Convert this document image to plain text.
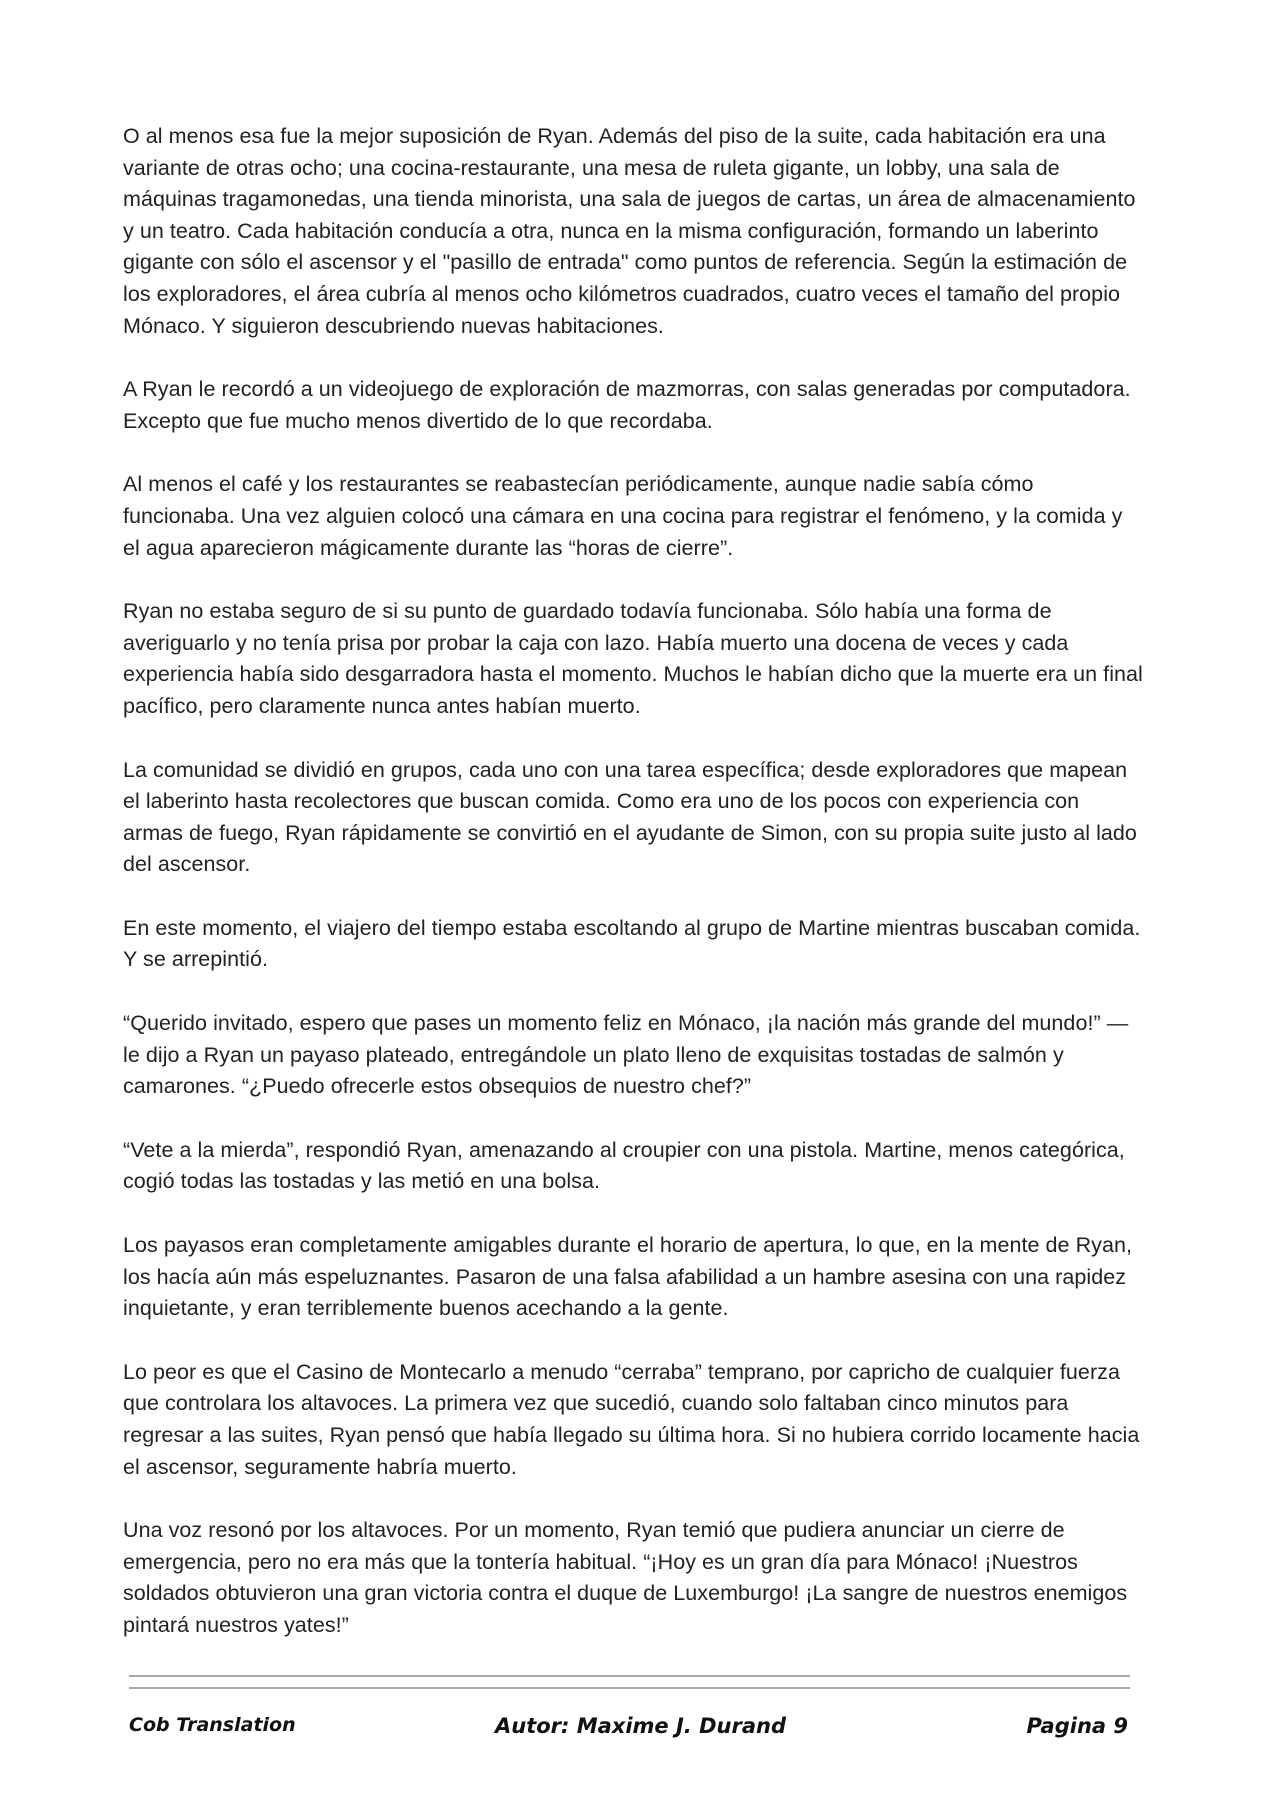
O al menos esa fue la mejor suposición de Ryan. Además del piso de la suite, cada habitación era una variante de otras ocho; una cocina-restaurante, una mesa de ruleta gigante, un lobby, una sala de máquinas tragamonedas, una tienda minorista, una sala de juegos de cartas, un área de almacenamiento y un teatro. Cada habitación conducía a otra, nunca en la misma configuración, formando un laberinto gigante con sólo el ascensor y el "pasillo de entrada" como puntos de referencia. Según la estimación de los exploradores, el área cubría al menos ocho kilómetros cuadrados, cuatro veces el tamaño del propio Mónaco. Y siguieron descubriendo nuevas habitaciones.

A Ryan le recordó a un videojuego de exploración de mazmorras, con salas generadas por computadora. Excepto que fue mucho menos divertido de lo que recordaba.

Al menos el café y los restaurantes se reabastecían periódicamente, aunque nadie sabía cómo funcionaba. Una vez alguien colocó una cámara en una cocina para registrar el fenómeno, y la comida y el agua aparecieron mágicamente durante las “horas de cierre”.

Ryan no estaba seguro de si su punto de guardado todavía funcionaba. Sólo había una forma de averiguarlo y no tenía prisa por probar la caja con lazo. Había muerto una docena de veces y cada experiencia había sido desgarradora hasta el momento. Muchos le habían dicho que la muerte era un final pacífico, pero claramente nunca antes habían muerto.

La comunidad se dividió en grupos, cada uno con una tarea específica; desde exploradores que mapean el laberinto hasta recolectores que buscan comida. Como era uno de los pocos con experiencia con armas de fuego, Ryan rápidamente se convirtió en el ayudante de Simon, con su propia suite justo al lado del ascensor.

En este momento, el viajero del tiempo estaba escoltando al grupo de Martine mientras buscaban comida. Y se arrepintió.

“Querido invitado, espero que pases un momento feliz en Mónaco, ¡la nación más grande del mundo!” —le dijo a Ryan un payaso plateado, entregándole un plato lleno de exquisitas tostadas de salmón y camarones. “¿Puedo ofrecerle estos obsequios de nuestro chef?”

“Vete a la mierda”, respondió Ryan, amenazando al croupier con una pistola. Martine, menos categórica, cogió todas las tostadas y las metió en una bolsa.

Los payasos eran completamente amigables durante el horario de apertura, lo que, en la mente de Ryan, los hacía aún más espeluznantes. Pasaron de una falsa afabilidad a un hambre asesina con una rapidez inquietante, y eran terriblemente buenos acechando a la gente.

Lo peor es que el Casino de Montecarlo a menudo “cerraba” temprano, por capricho de cualquier fuerza que controlara los altavoces. La primera vez que sucedió, cuando solo faltaban cinco minutos para regresar a las suites, Ryan pensó que había llegado su última hora. Si no hubiera corrido locamente hacia el ascensor, seguramente habría muerto.

Una voz resonó por los altavoces. Por un momento, Ryan temió que pudiera anunciar un cierre de emergencia, pero no era más que la tontería habitual. “¡Hoy es un gran día para Mónaco! ¡Nuestros soldados obtuvieron una gran victoria contra el duque de Luxemburgo! ¡La sangre de nuestros enemigos pintará nuestros yates!”

Cob Translation	Autor: Maxime J. Durand	Pagina 9
